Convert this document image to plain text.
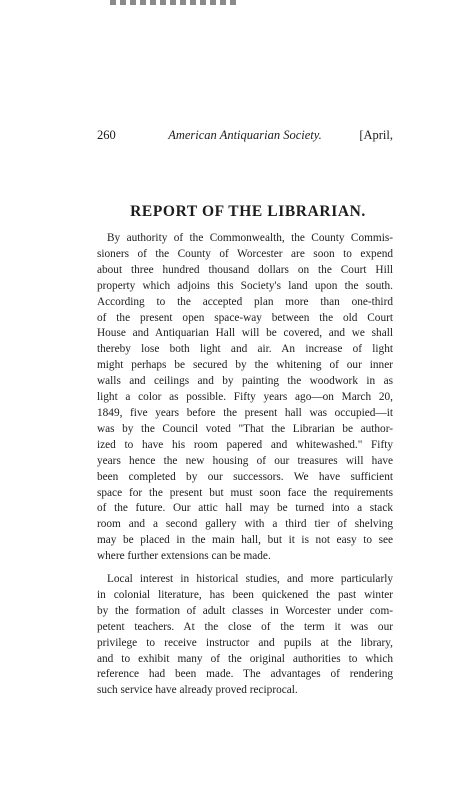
260	American Antiquarian Society.	[April,
REPORT OF THE LIBRARIAN.

By authority of the Commonwealth, the County Commis-
sioners of the County of Worcester are soon to expend
about three hundred thousand dollars on the Court Hill
property which adjoins this Society's land upon the south.
According to the accepted plan more than one-third
of the present open space-way between the old Court
House and Antiquarian Hall will be covered, and we shall
thereby lose both light and air. An increase of light
might perhaps be secured by the whitening of our inner
walls and ceilings and by painting the woodwork in as
light a color as possible. Fifty years ago—on March 20,
1849, five years before the present hall was occupied—it
was by the Council voted "That the Librarian be author-
ized to have his room papered and whitewashed." Fifty
years hence the new housing of our treasures will have
been completed by our successors. We have sufficient
space for the present but must soon face the requirements
of the future. Our attic hall may be turned into a stack
room and a second gallery with a third tier of shelving
may be placed in the main hall, but it is not easy to see
where further extensions can be made.

Local interest in historical studies, and more particularly
in colonial literature, has been quickened the past winter
by the formation of adult classes in Worcester under com-
petent teachers. At the close of the term it was our
privilege to receive instructor and pupils at the library,
and to exhibit many of the original authorities to which
reference had been made. The advantages of rendering
such service have already proved reciprocal.
